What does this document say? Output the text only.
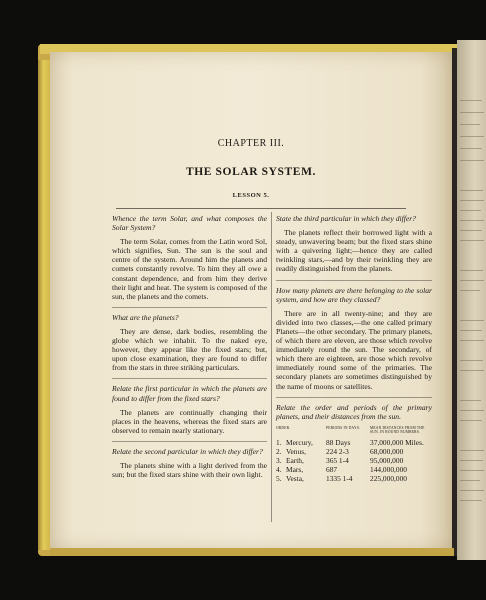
CHAPTER III.
THE SOLAR SYSTEM.
LESSON 5.

Whence the term Solar, and what composes the Solar System?

The term Solar, comes from the Latin word Sol, which signifies, Sun. The sun is the soul and centre of the system. Around him the planets and comets constantly revolve. To him they all owe a constant dependence, and from him they derive their light and heat. The system is composed of the sun, the planets and the comets.

What are the planets?

They are dense, dark bodies, resembling the globe which we inhabit. To the naked eye, however, they appear like the fixed stars; but, upon close examination, they are found to differ from the stars in three striking particulars.

Relate the first particular in which the planets are found to differ from the fixed stars?

The planets are continually changing their places in the heavens, whereas the fixed stars are observed to remain nearly stationary.

Relate the second particular in which they differ?

The planets shine with a light derived from the sun; but the fixed stars shine with their own light.

State the third particular in which they differ?

The planets reflect their borrowed light with a steady, unwavering beam; but the fixed stars shine with a quivering light;—hence they are called twinkling stars,—and by their twinkling they are readily distinguished from the planets.

How many planets are there belonging to the solar system, and how are they classed?

There are in all twenty-nine; and they are divided into two classes,—the one called primary Planets—the other secondary. The primary planets, of which there are eleven, are those which revolve immediately round the sun. The secondary, of which there are eighteen, are those which revolve immediately round some of the primaries. The secondary planets are sometimes distinguished by the name of moons or satellites.

Relate the order and periods of the primary planets, and their distances from the sun.

ORDER.		PERIODS IN DAYS.	MEAN DISTANCES FROM THE SUN, IN ROUND NUMBERS.
1.	Mercury,	88 Days	37,000,000 Miles.
2.	Venus,	224 2-3	68,000,000
3.	Earth,	365 1-4	95,000,000
4.	Mars,	687	144,000,000
5.	Vesta,	1335 1-4	225,000,000
